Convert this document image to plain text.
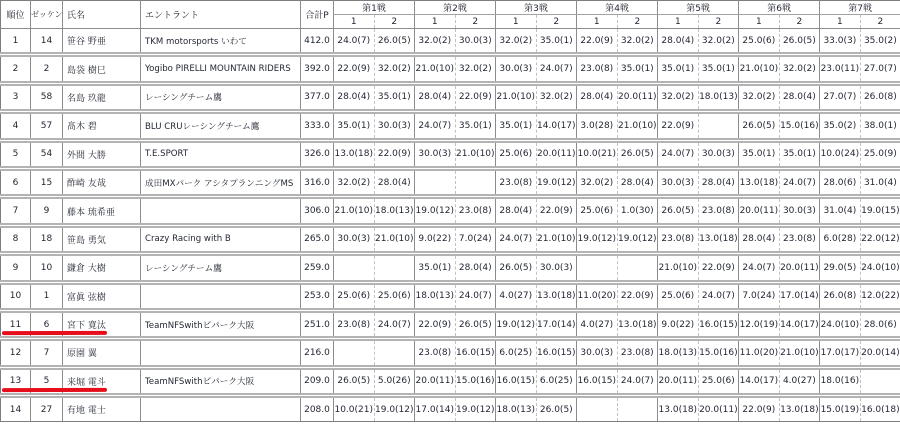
順位	ゼッケン	氏名	エントラント	合計P	第1戦		第2戦		第3戦		第4戦		第5戦		第6戦		第7戦	
					1	2	1	2	1	2	1	2	1	2	1	2	1	2
1	14	笹谷 野亜	TKM motorsports いわて	412.0	24.0(7)	26.0(5)	32.0(2)	30.0(3)	32.0(2)	35.0(1)	22.0(9)	32.0(2)	28.0(4)	32.0(2)	25.0(6)	26.0(5)	33.0(3)	35.0(2)
2	2	島袋 樹巳	Yogibo PIRELLI MOUNTAIN RIDERS	392.0	22.0(9)	32.0(2)	21.0(10)	32.0(2)	30.0(3)	24.0(7)	23.0(8)	35.0(1)	35.0(1)	35.0(1)	21.0(10)	32.0(2)	23.0(11)	27.0(7)
3	58	名島 玖龍	レーシングチーム鷹	377.0	28.0(4)	35.0(1)	28.0(4)	22.0(9)	21.0(10)	32.0(2)	28.0(4)	20.0(11)	32.0(2)	18.0(13)	32.0(2)	28.0(4)	27.0(7)	26.0(8)
4	57	髙木 碧	BLU CRUレーシングチーム鷹	333.0	35.0(1)	30.0(3)	24.0(7)	35.0(1)	35.0(1)	14.0(17)	3.0(28)	21.0(10)	22.0(9)		26.0(5)	15.0(16)	35.0(2)	38.0(1)
5	54	外間 大勝	T.E.SPORT	326.0	13.0(18)	22.0(9)	30.0(3)	21.0(10)	25.0(6)	20.0(11)	10.0(21)	26.0(5)	24.0(7)	30.0(3)	35.0(1)	35.0(1)	10.0(24)	25.0(9)
6	15	酢崎 友哉	成田MXパーク アシタプランニングMS	316.0	32.0(2)	28.0(4)			23.0(8)	19.0(12)	32.0(2)	28.0(4)	30.0(3)	28.0(4)	13.0(18)	24.0(7)	28.0(6)	31.0(4)
7	9	藤本 琉希亜		306.0	21.0(10)	18.0(13)	19.0(12)	23.0(8)	28.0(4)	22.0(9)	25.0(6)	1.0(30)	26.0(5)	23.0(8)	20.0(11)	30.0(3)	31.0(4)	19.0(15)
8	18	笹島 勇気	Crazy Racing with B	265.0	30.0(3)	21.0(10)	9.0(22)	7.0(24)	24.0(7)	21.0(10)	19.0(12)	19.0(12)	23.0(8)	13.0(18)	28.0(4)	23.0(8)	6.0(28)	22.0(12)
9	10	鎌倉 大樹	レーシングチーム鷹	259.0			35.0(1)	28.0(4)	26.0(5)	30.0(3)			21.0(10)	22.0(9)	24.0(7)	20.0(11)	29.0(5)	24.0(10)
10	1	富眞 弦樹		253.0	25.0(6)	25.0(6)	18.0(13)	24.0(7)	4.0(27)	13.0(18)	11.0(20)	22.0(9)	25.0(6)	24.0(7)	7.0(24)	17.0(14)	26.0(8)	12.0(22)
11	6	宮下 寛汰	TeamNFSwithビパーク大阪	251.0	23.0(8)	24.0(7)	22.0(9)	26.0(5)	19.0(12)	17.0(14)	4.0(27)	13.0(18)	9.0(22)	16.0(15)	12.0(19)	14.0(17)	24.0(10)	28.0(6)
12	7	原園 翼		216.0			23.0(8)	16.0(15)	6.0(25)	16.0(15)	30.0(3)	23.0(8)	18.0(13)	15.0(16)	11.0(20)	21.0(10)	17.0(17)	20.0(14)
13	5	来堀 電斗	TeamNFSwithビパーク大阪	209.0	26.0(5)	5.0(26)	20.0(11)	15.0(16)	16.0(15)	6.0(25)	16.0(15)	24.0(7)	20.0(11)	25.0(6)	14.0(17)	4.0(27)	18.0(16)	
14	27	有地 電士		208.0	10.0(21)	19.0(12)	17.0(14)	19.0(12)	18.0(13)	26.0(5)			13.0(18)	20.0(11)	22.0(9)	13.0(18)	15.0(19)	16.0(18)
